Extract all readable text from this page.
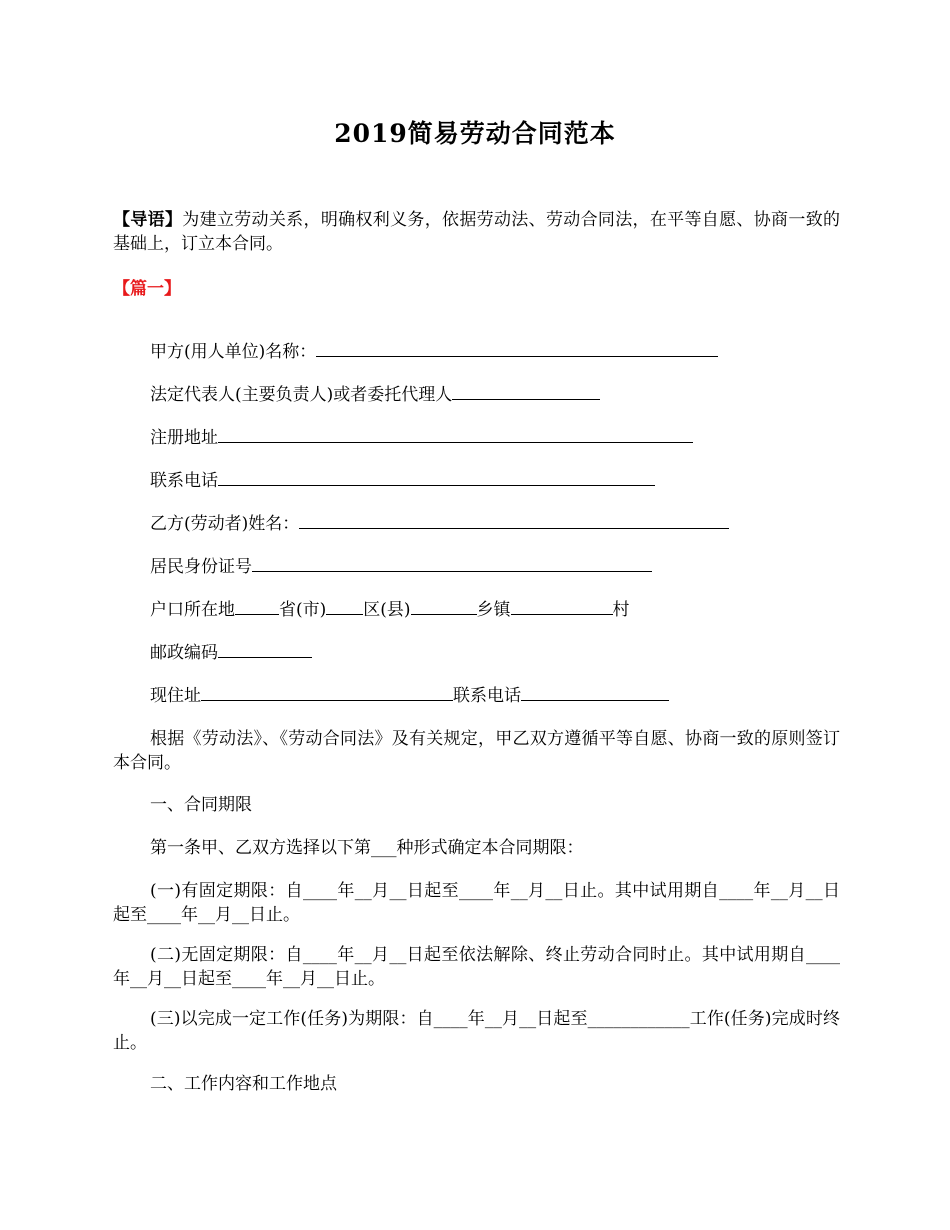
2019简易劳动合同范本
【导语】为建立劳动关系，明确权利义务，依据劳动法、劳动合同法，在平等自愿、协商一致的基础上，订立本合同。
【篇一】
甲方(用人单位)名称：
法定代表人(主要负责人)或者委托代理人
注册地址
联系电话
乙方(劳动者)姓名：
居民身份证号
户口所在地	省(市) 区(县)	乡镇	村
邮政编码
现住址	联系电话
根据《劳动法》、《劳动合同法》及有关规定，甲乙双方遵循平等自愿、协商一致的原则签订本合同。
一、合同期限
第一条甲、乙双方选择以下第___种形式确定本合同期限：
(一)有固定期限：自____年__月__日起至____年__月__日止。其中试用期自____年__月__日起至____年__月__日止。
(二)无固定期限：自____年__月__日起至依法解除、终止劳动合同时止。其中试用期自____年__月__日起至____年__月__日止。
(三)以完成一定工作(任务)为期限：自____年__月__日起至____________工作(任务)完成时终止。
二、工作内容和工作地点
